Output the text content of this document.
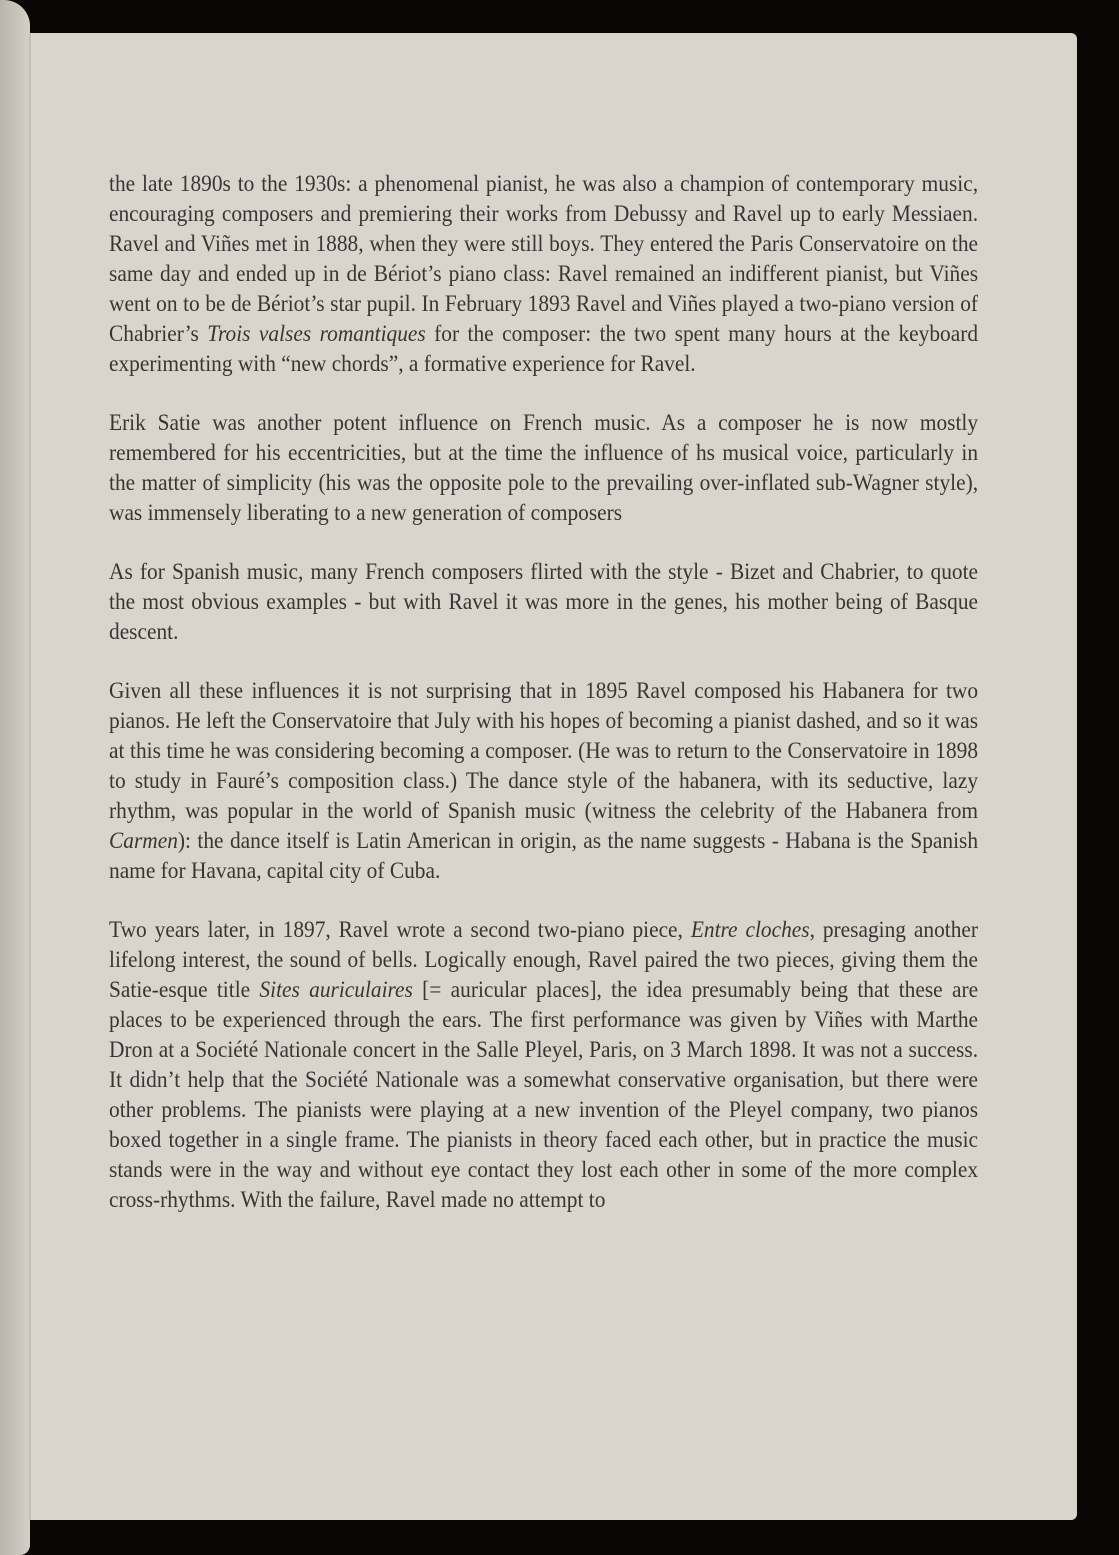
the late 1890s to the 1930s: a phenomenal pianist, he was also a champion of contemporary music, encouraging composers and premiering their works from Debussy and Ravel up to early Messiaen. Ravel and Viñes met in 1888, when they were still boys. They entered the Paris Conservatoire on the same day and ended up in de Bériot’s piano class: Ravel remained an indifferent pianist, but Viñes went on to be de Bériot’s star pupil. In February 1893 Ravel and Viñes played a two-piano version of Chabrier’s Trois valses romantiques for the composer: the two spent many hours at the keyboard experimenting with “new chords”, a formative experience for Ravel.

Erik Satie was another potent influence on French music. As a composer he is now mostly remembered for his eccentricities, but at the time the influence of hs musical voice, particularly in the matter of simplicity (his was the opposite pole to the prevailing over-inflated sub-Wagner style), was immensely liberating to a new generation of composers

As for Spanish music, many French composers flirted with the style - Bizet and Chabrier, to quote the most obvious examples - but with Ravel it was more in the genes, his mother being of Basque descent.

Given all these influences it is not surprising that in 1895 Ravel composed his Habanera for two pianos. He left the Conservatoire that July with his hopes of becoming a pianist dashed, and so it was at this time he was considering becoming a composer. (He was to return to the Conservatoire in 1898 to study in Fauré’s composition class.) The dance style of the habanera, with its seductive, lazy rhythm, was popular in the world of Spanish music (witness the celebrity of the Habanera from Carmen): the dance itself is Latin American in origin, as the name suggests - Habana is the Spanish name for Havana, capital city of Cuba.

Two years later, in 1897, Ravel wrote a second two-piano piece, Entre cloches, presaging another lifelong interest, the sound of bells. Logically enough, Ravel paired the two pieces, giving them the Satie-esque title Sites auriculaires [= auricular places], the idea presumably being that these are places to be experienced through the ears. The first performance was given by Viñes with Marthe Dron at a Société Nationale concert in the Salle Pleyel, Paris, on 3 March 1898. It was not a success. It didn’t help that the Société Nationale was a somewhat conservative organisation, but there were other problems. The pianists were playing at a new invention of the Pleyel company, two pianos boxed together in a single frame. The pianists in theory faced each other, but in practice the music stands were in the way and without eye contact they lost each other in some of the more complex cross-rhythms. With the failure, Ravel made no attempt to
